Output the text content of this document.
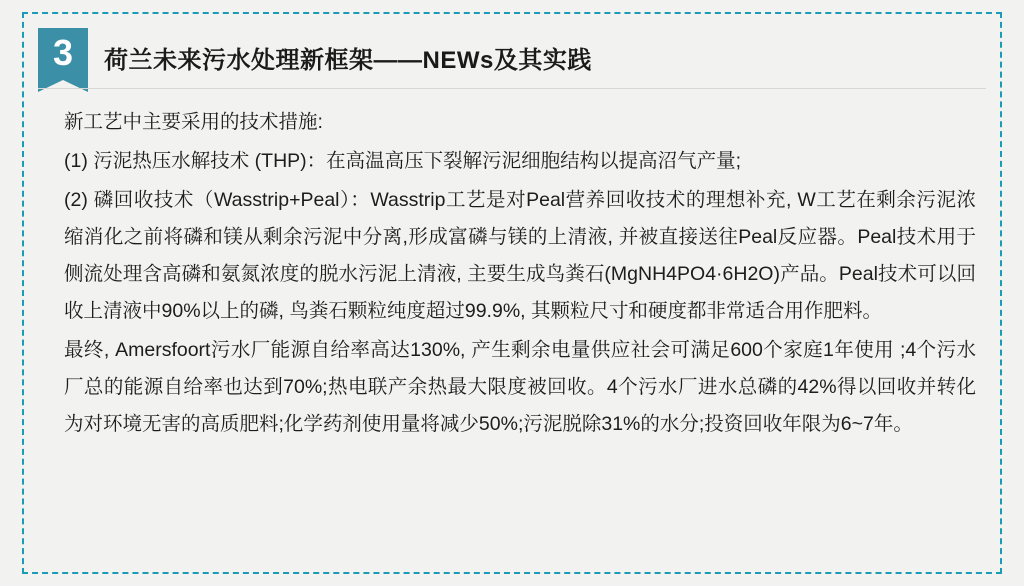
3	荷兰未来污水处理新框架——NEWs及其实践

新工艺中主要采用的技术措施:

(1) 污泥热压水解技术 (THP)：在高温高压下裂解污泥细胞结构以提高沼气产量;

(2) 磷回收技术（Wasstrip+Peal）：Wasstrip工艺是对Peal营养回收技术的理想补充, W工艺在剩余污泥浓缩消化之前将磷和镁从剩余污泥中分离,形成富磷与镁的上清液, 并被直接送往Peal反应器。Peal技术用于侧流处理含高磷和氨氮浓度的脱水污泥上清液, 主要生成鸟粪石(MgNH4PO4·6H2O)产品。Peal技术可以回收上清液中90%以上的磷, 鸟粪石颗粒纯度超过99.9%, 其颗粒尺寸和硬度都非常适合用作肥料。

最终, Amersfoort污水厂能源自给率高达130%, 产生剩余电量供应社会可满足600个家庭1年使用 ;4个污水厂总的能源自给率也达到70%;热电联产余热最大限度被回收。4个污水厂进水总磷的42%得以回收并转化为对环境无害的高质肥料;化学药剂使用量将减少50%;污泥脱除31%的水分;投资回收年限为6~7年。
